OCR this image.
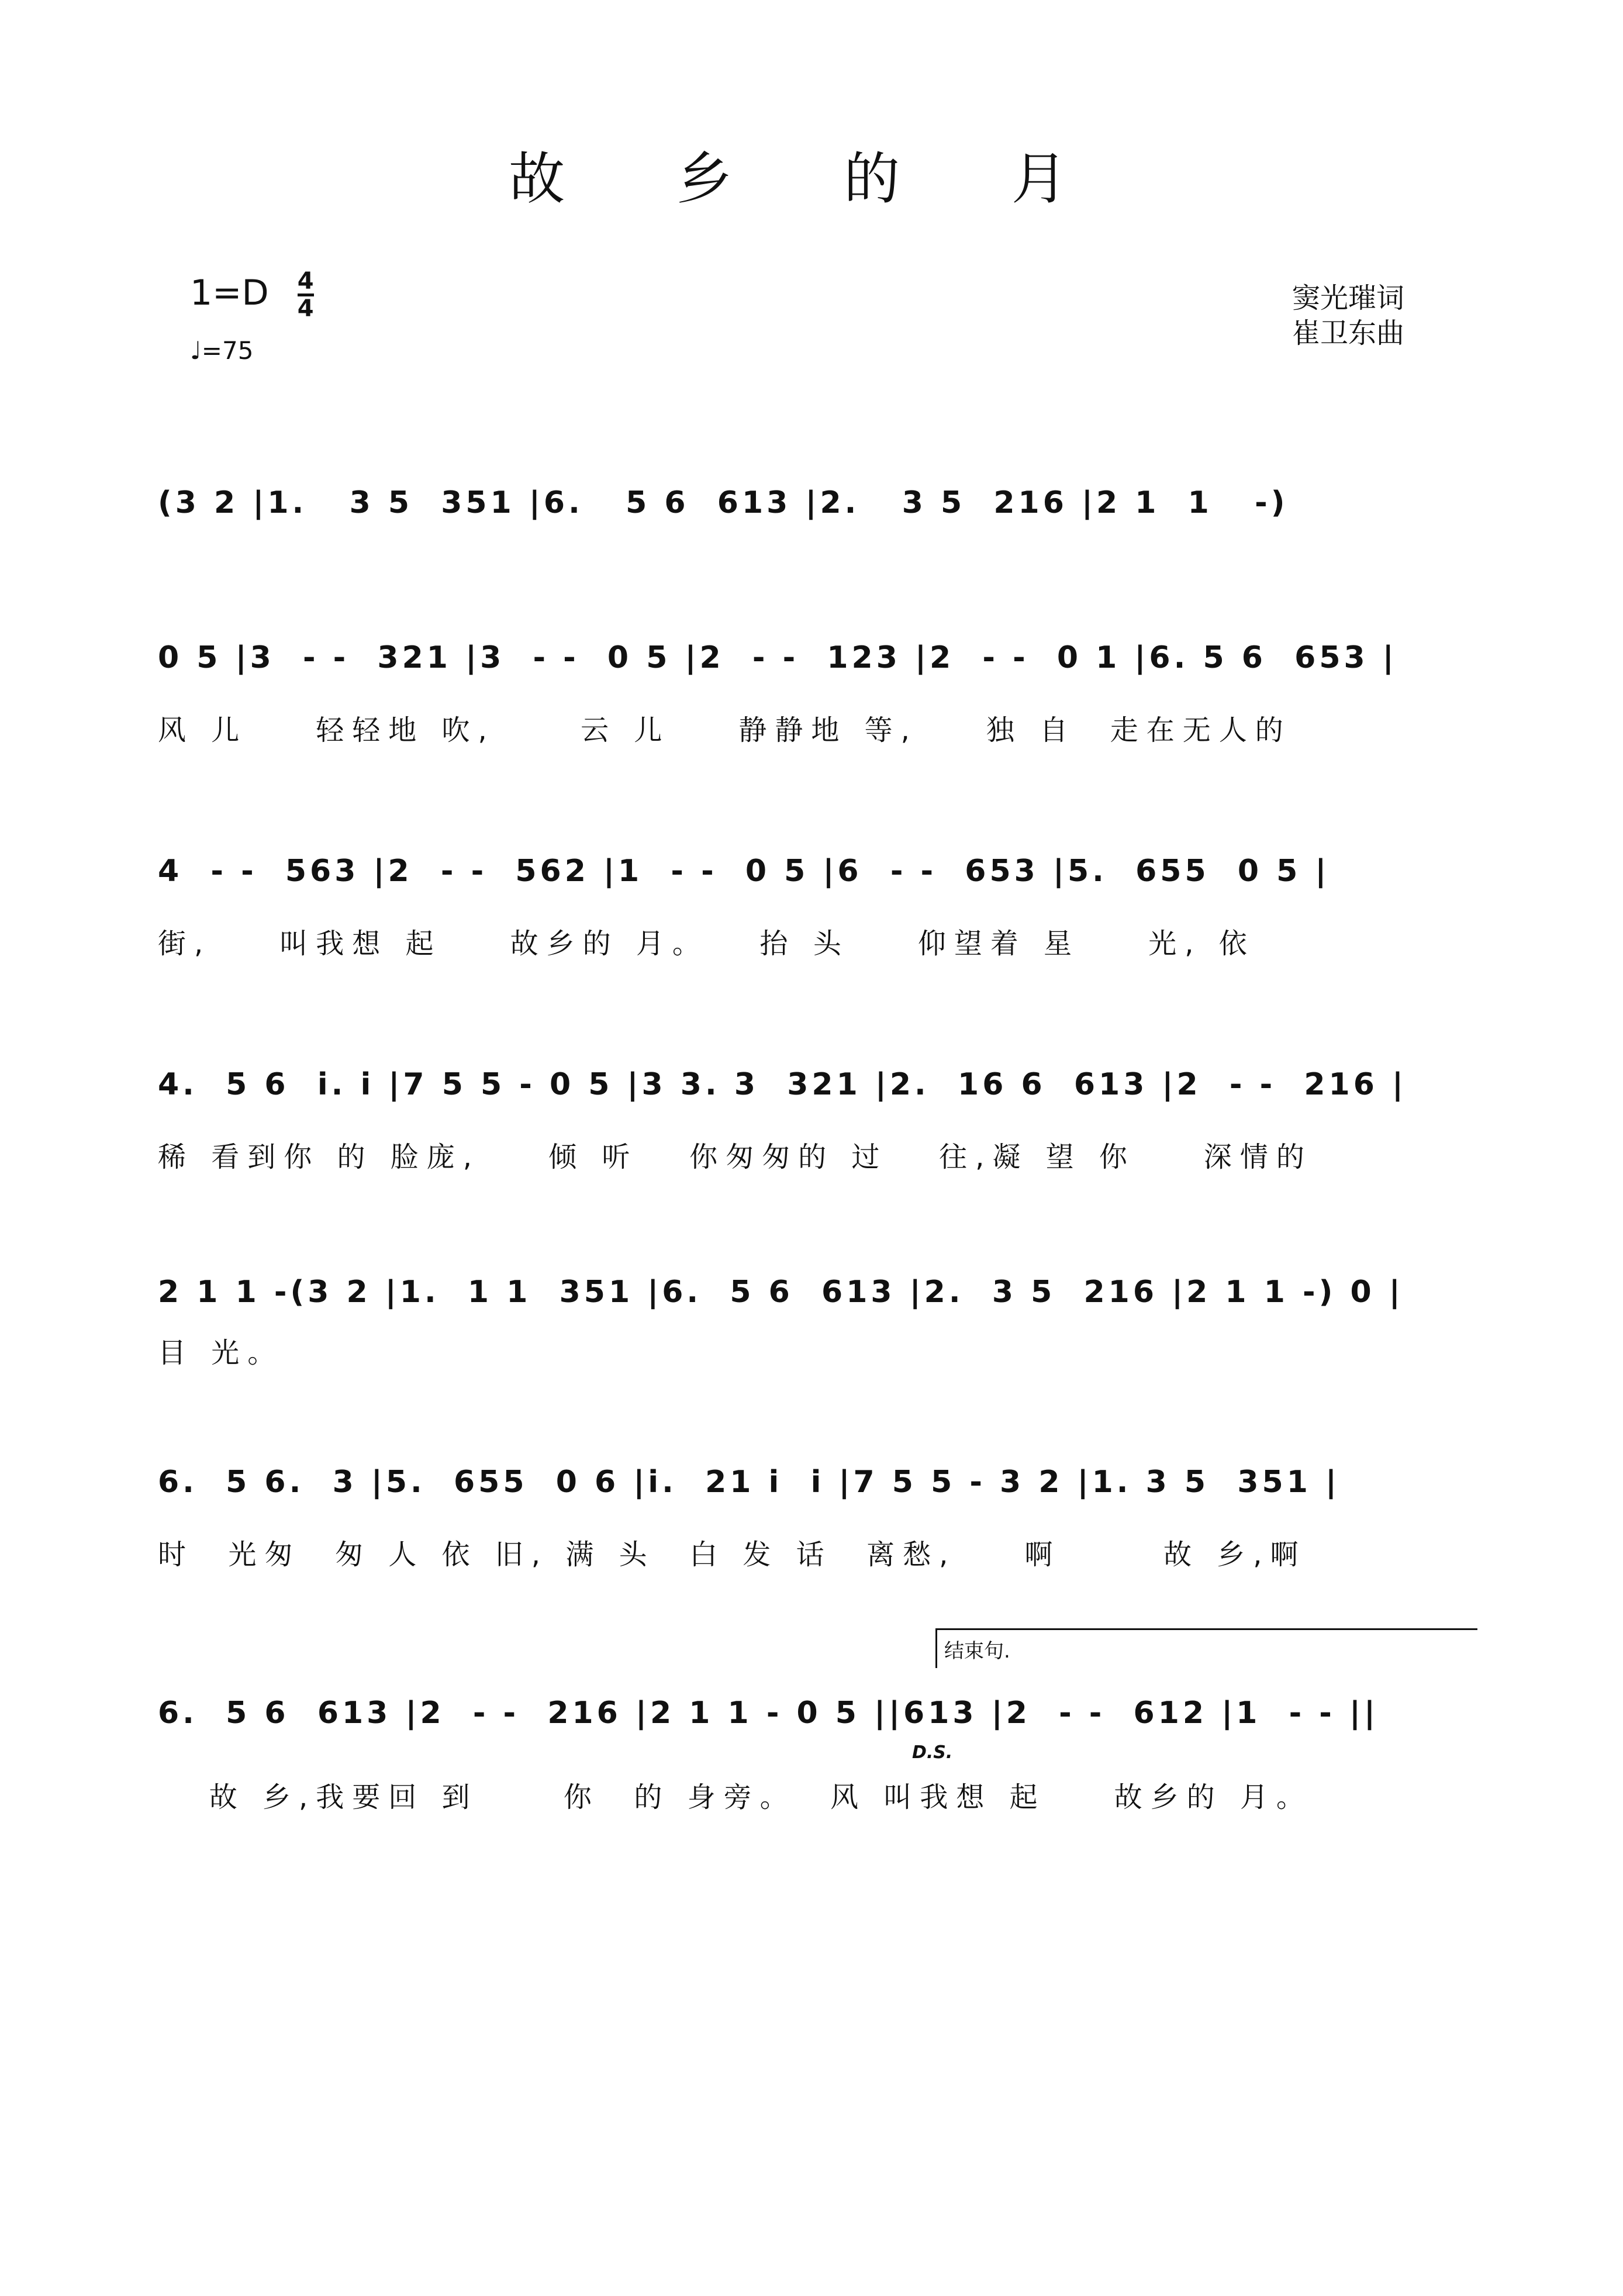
故 乡 的 月
$1=D \frac{4}{4}$
♩=75
窦光璀词
崔卫东曲
(3 2 |1.   3 5  351 |6.   5 6  613 |2.   3 5  216 |2 1  1   -)
0 5 |3  - -  321 |3  - -  0 5 |2  - -  123 |2  - -  0 1 |6. 5 6  653 |
风 儿    轻轻地 吹,     云 儿    静静地 等,    独 自  走在无人的
4  - -  563 |2  - -  562 |1  - -  0 5 |6  - -  653 |5.  655  0 5 |
街,    叫我想 起    故乡的 月。   抬 头    仰望着 星    光, 依
4.  5 6  i. i |7 5 5 - 0 5 |3 3. 3  321 |2.  16 6  613 |2  - -  216 |
稀 看到你 的 脸庞,    倾 听   你匆匆的 过   往,凝 望 你    深情的
2 1 1 -(3 2 |1.  1 1  351 |6.  5 6  613 |2.  3 5  216 |2 1 1 -) 0 |
目 光。
6.  5 6.  3 |5.  655  0 6 |i.  21 i  i |7 5 5 - 3 2 |1. 3 5  351 |
时  光匆  匆 人 依 旧, 满 头  白 发 话  离愁,    啊      故 乡,啊
结束句.
6.  5 6  613 |2  - -  216 |2 1 1 - 0 5 ||613 |2  - -  612 |1  - - ||
D.S.
故 乡,我要回 到     你  的 身旁。  风 叫我想 起    故乡的 月。
